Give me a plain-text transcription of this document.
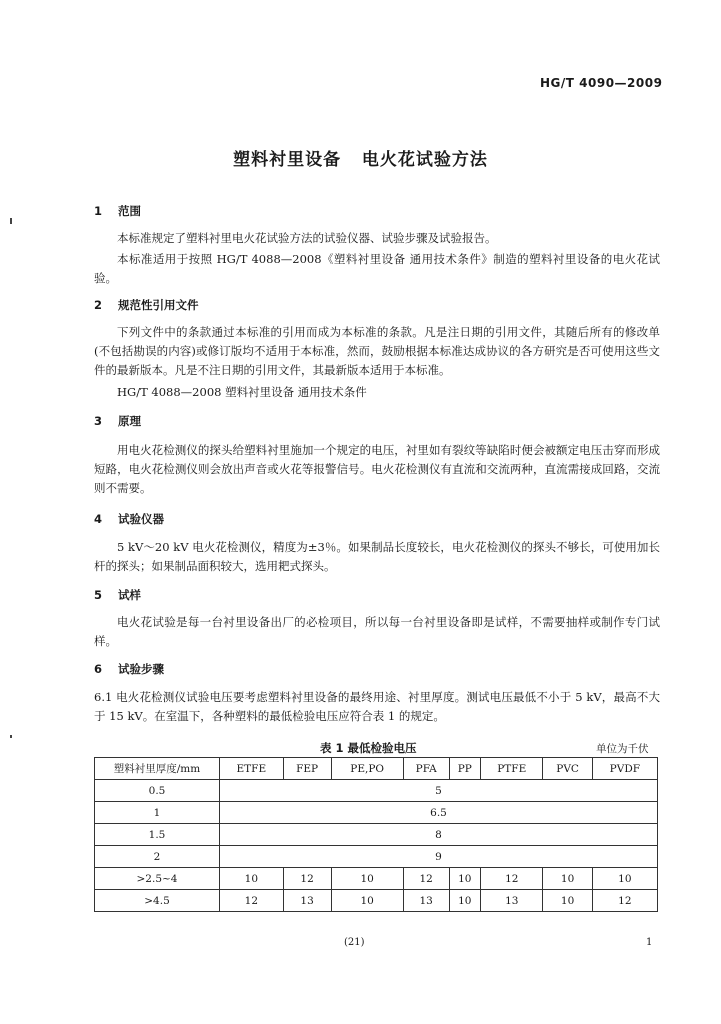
HG/T 4090—2009
塑料衬里设备 电火花试验方法
1 范围

本标准规定了塑料衬里电火花试验方法的试验仪器、试验步骤及试验报告。

本标准适用于按照 HG/T 4088—2008《塑料衬里设备 通用技术条件》制造的塑料衬里设备的电火花试验。

2 规范性引用文件

下列文件中的条款通过本标准的引用而成为本标准的条款。凡是注日期的引用文件，其随后所有的修改单(不包括勘误的内容)或修订版均不适用于本标准，然而，鼓励根据本标准达成协议的各方研究是否可使用这些文件的最新版本。凡是不注日期的引用文件，其最新版本适用于本标准。

HG/T 4088—2008 塑料衬里设备 通用技术条件
3 原理

用电火花检测仪的探头给塑料衬里施加一个规定的电压，衬里如有裂纹等缺陷时便会被额定电压击穿而形成短路，电火花检测仪则会放出声音或火花等报警信号。电火花检测仪有直流和交流两种，直流需接成回路，交流则不需要。

4 试验仪器

5 kV～20 kV 电火花检测仪，精度为±3％。如果制品长度较长，电火花检测仪的探头不够长，可使用加长杆的探头；如果制品面积较大，选用耙式探头。

5 试样

电火花试验是每一台衬里设备出厂的必检项目，所以每一台衬里设备即是试样，不需要抽样或制作专门试样。

6 试验步骤

6.1 电火花检测仪试验电压要考虑塑料衬里设备的最终用途、衬里厚度。测试电压最低不小于 5 kV，最高不大于 15 kV。在室温下，各种塑料的最低检验电压应符合表 1 的规定。

表 1 最低检验电压	单位为千伏
塑料衬里厚度/mm	ETFE	FEP	PE,PO	PFA	PP	PTFE	PVC	PVDF
0.5	5							
1	6.5							
1.5	8							
2	9							
>2.5~4	10	12	10	12	10	12	10	10
>4.5	12	13	10	13	10	13	10	12
(21)	1
